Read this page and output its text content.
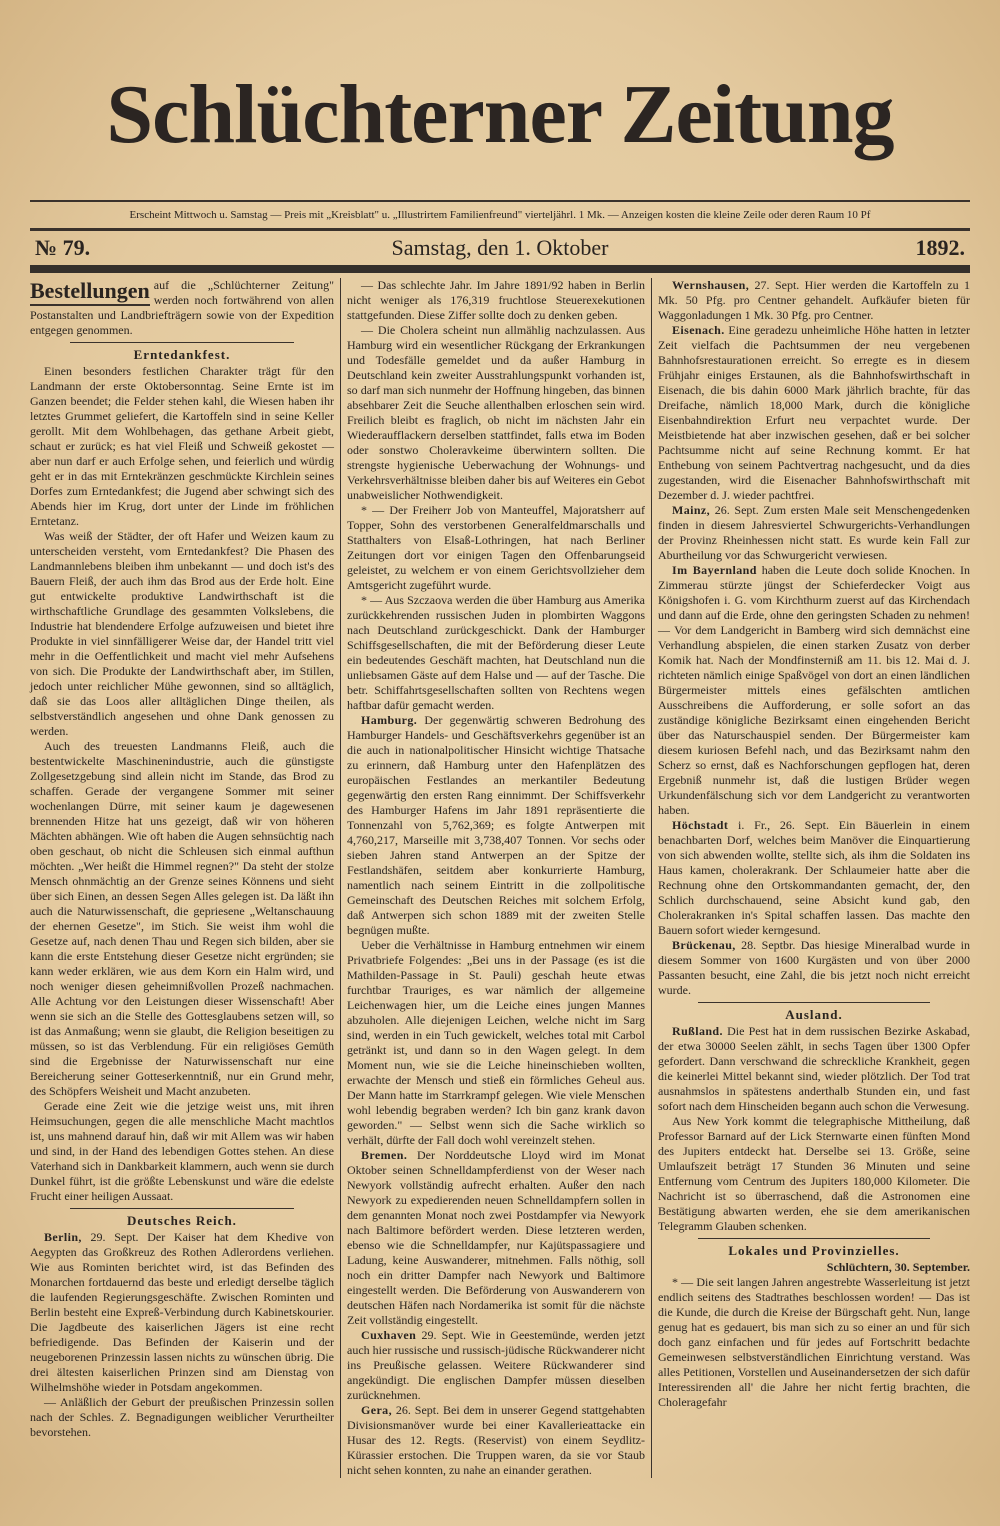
Schlüchterner Zeitung
Erscheint Mittwoch u. Samstag — Preis mit „Kreisblatt" u. „Illustrirtem Familienfreund" vierteljährl. 1 Mk. — Anzeigen kosten die kleine Zeile oder deren Raum 10 Pf
№ 79.	Samstag, den 1. Oktober	1892.

Bestellungen auf die „Schlüchterner Zeitung" werden noch fortwährend von allen Postanstalten und Landbriefträgern sowie von der Expedition entgegen genommen.

Erntedankfest.

Einen besonders festlichen Charakter trägt für den Landmann der erste Oktobersonntag. Seine Ernte ist im Ganzen beendet; die Felder stehen kahl, die Wiesen haben ihr letztes Grummet geliefert, die Kartoffeln sind in seine Keller gerollt. Mit dem Wohlbehagen, das gethane Arbeit giebt, schaut er zurück; es hat viel Fleiß und Schweiß gekostet — aber nun darf er auch Erfolge sehen, und feierlich und würdig geht er in das mit Erntekränzen geschmückte Kirchlein seines Dorfes zum Erntedankfest; die Jugend aber schwingt sich des Abends hier im Krug, dort unter der Linde im fröhlichen Erntetanz.

Was weiß der Städter, der oft Hafer und Weizen kaum zu unterscheiden versteht, vom Erntedankfest? Die Phasen des Landmannlebens bleiben ihm unbekannt — und doch ist's des Bauern Fleiß, der auch ihm das Brod aus der Erde holt. Eine gut entwickelte produktive Landwirthschaft ist die wirthschaftliche Grundlage des gesammten Volkslebens, die Industrie hat blendendere Erfolge aufzuweisen und bietet ihre Produkte in viel sinnfälligerer Weise dar, der Handel tritt viel mehr in die Oeffentlichkeit und macht viel mehr Aufsehens von sich. Die Produkte der Landwirthschaft aber, im Stillen, jedoch unter reichlicher Mühe gewonnen, sind so alltäglich, daß sie das Loos aller alltäglichen Dinge theilen, als selbstverständlich angesehen und ohne Dank genossen zu werden.

Auch des treuesten Landmanns Fleiß, auch die bestentwickelte Maschinenindustrie, auch die günstigste Zollgesetzgebung sind allein nicht im Stande, das Brod zu schaffen. Gerade der vergangene Sommer mit seiner wochenlangen Dürre, mit seiner kaum je dagewesenen brennenden Hitze hat uns gezeigt, daß wir von höheren Mächten abhängen. Wie oft haben die Augen sehnsüchtig nach oben geschaut, ob nicht die Schleusen sich einmal aufthun möchten. „Wer heißt die Himmel regnen?" Da steht der stolze Mensch ohnmächtig an der Grenze seines Könnens und sieht über sich Einen, an dessen Segen Alles gelegen ist. Da läßt ihn auch die Naturwissenschaft, die gepriesene „Weltanschauung der ehernen Gesetze", im Stich. Sie weist ihm wohl die Gesetze auf, nach denen Thau und Regen sich bilden, aber sie kann die erste Entstehung dieser Gesetze nicht ergründen; sie kann weder erklären, wie aus dem Korn ein Halm wird, und noch weniger diesen geheimnißvollen Prozeß nachmachen. Alle Achtung vor den Leistungen dieser Wissenschaft! Aber wenn sie sich an die Stelle des Gottesglaubens setzen will, so ist das Anmaßung; wenn sie glaubt, die Religion beseitigen zu müssen, so ist das Verblendung. Für ein religiöses Gemüth sind die Ergebnisse der Naturwissenschaft nur eine Bereicherung seiner Gotteserkenntniß, nur ein Grund mehr, des Schöpfers Weisheit und Macht anzubeten.

Gerade eine Zeit wie die jetzige weist uns, mit ihren Heimsuchungen, gegen die alle menschliche Macht machtlos ist, uns mahnend darauf hin, daß wir mit Allem was wir haben und sind, in der Hand des lebendigen Gottes stehen. An diese Vaterhand sich in Dankbarkeit klammern, auch wenn sie durch Dunkel führt, ist die größte Lebenskunst und wäre die edelste Frucht einer heiligen Aussaat.

Deutsches Reich.

Berlin, 29. Sept. Der Kaiser hat dem Khedive von Aegypten das Großkreuz des Rothen Adlerordens verliehen. Wie aus Rominten berichtet wird, ist das Befinden des Monarchen fortdauernd das beste und erledigt derselbe täglich die laufenden Regierungsgeschäfte. Zwischen Rominten und Berlin besteht eine Expreß-Verbindung durch Kabinetskourier. Die Jagdbeute des kaiserlichen Jägers ist eine recht befriedigende. Das Befinden der Kaiserin und der neugeborenen Prinzessin lassen nichts zu wünschen übrig. Die drei ältesten kaiserlichen Prinzen sind am Dienstag von Wilhelmshöhe wieder in Potsdam angekommen.

— Anläßlich der Geburt der preußischen Prinzessin sollen nach der Schles. Z. Begnadigungen weiblicher Verurtheilter bevorstehen.

— Das schlechte Jahr. Im Jahre 1891/92 haben in Berlin nicht weniger als 176,319 fruchtlose Steuerexekutionen stattgefunden. Diese Ziffer sollte doch zu denken geben.

— Die Cholera scheint nun allmählig nachzulassen. Aus Hamburg wird ein wesentlicher Rückgang der Erkrankungen und Todesfälle gemeldet und da außer Hamburg in Deutschland kein zweiter Ausstrahlungspunkt vorhanden ist, so darf man sich nunmehr der Hoffnung hingeben, das binnen absehbarer Zeit die Seuche allenthalben erloschen sein wird. Freilich bleibt es fraglich, ob nicht im nächsten Jahr ein Wiederaufflackern derselben stattfindet, falls etwa im Boden oder sonstwo Choleravkeime überwintern sollten. Die strengste hygienische Ueberwachung der Wohnungs- und Verkehrsverhältnisse bleiben daher bis auf Weiteres ein Gebot unabweislicher Nothwendigkeit.

* — Der Freiherr Job von Manteuffel, Majoratsherr auf Topper, Sohn des verstorbenen Generalfeldmarschalls und Statthalters von Elsaß-Lothringen, hat nach Berliner Zeitungen dort vor einigen Tagen den Offenbarungseid geleistet, zu welchem er von einem Gerichtsvollzieher dem Amtsgericht zugeführt wurde.

* — Aus Szczaova werden die über Hamburg aus Amerika zurückkehrenden russischen Juden in plombirten Waggons nach Deutschland zurückgeschickt. Dank der Hamburger Schiffsgesellschaften, die mit der Beförderung dieser Leute ein bedeutendes Geschäft machten, hat Deutschland nun die unliebsamen Gäste auf dem Halse und — auf der Tasche. Die betr. Schiffahrtsgesellschaften sollten von Rechtens wegen haftbar dafür gemacht werden.

Hamburg. Der gegenwärtig schweren Bedrohung des Hamburger Handels- und Geschäftsverkehrs gegenüber ist an die auch in nationalpolitischer Hinsicht wichtige Thatsache zu erinnern, daß Hamburg unter den Hafenplätzen des europäischen Festlandes an merkantiler Bedeutung gegenwärtig den ersten Rang einnimmt. Der Schiffsverkehr des Hamburger Hafens im Jahr 1891 repräsentierte die Tonnenzahl von 5,762,369; es folgte Antwerpen mit 4,760,217, Marseille mit 3,738,407 Tonnen. Vor sechs oder sieben Jahren stand Antwerpen an der Spitze der Festlandshäfen, seitdem aber konkurrierte Hamburg, namentlich nach seinem Eintritt in die zollpolitische Gemeinschaft des Deutschen Reiches mit solchem Erfolg, daß Antwerpen sich schon 1889 mit der zweiten Stelle begnügen mußte.

Ueber die Verhältnisse in Hamburg entnehmen wir einem Privatbriefe Folgendes: „Bei uns in der Passage (es ist die Mathilden-Passage in St. Pauli) geschah heute etwas furchtbar Trauriges, es war nämlich der allgemeine Leichenwagen hier, um die Leiche eines jungen Mannes abzuholen. Alle diejenigen Leichen, welche nicht im Sarg sind, werden in ein Tuch gewickelt, welches total mit Carbol getränkt ist, und dann so in den Wagen gelegt. In dem Moment nun, wie sie die Leiche hineinschieben wollten, erwachte der Mensch und stieß ein förmliches Geheul aus. Der Mann hatte im Starrkrampf gelegen. Wie viele Menschen wohl lebendig begraben werden? Ich bin ganz krank davon geworden." — Selbst wenn sich die Sache wirklich so verhält, dürfte der Fall doch wohl vereinzelt stehen.

Bremen. Der Norddeutsche Lloyd wird im Monat Oktober seinen Schnelldampferdienst von der Weser nach Newyork vollständig aufrecht erhalten. Außer den nach Newyork zu expedierenden neuen Schnelldampfern sollen in dem genannten Monat noch zwei Postdampfer via Newyork nach Baltimore befördert werden. Diese letzteren werden, ebenso wie die Schnelldampfer, nur Kajütspassagiere und Ladung, keine Auswanderer, mitnehmen. Falls nöthig, soll noch ein dritter Dampfer nach Newyork und Baltimore eingestellt werden. Die Beförderung von Auswanderern von deutschen Häfen nach Nordamerika ist somit für die nächste Zeit vollständig eingestellt.

Cuxhaven 29. Sept. Wie in Geestemünde, werden jetzt auch hier russische und russisch-jüdische Rückwanderer nicht ins Preußische gelassen. Weitere Rückwanderer sind angekündigt. Die englischen Dampfer müssen dieselben zurücknehmen.

Gera, 26. Sept. Bei dem in unserer Gegend stattgehabten Divisionsmanöver wurde bei einer Kavallerieattacke ein Husar des 12. Regts. (Reservist) von einem Seydlitz-Kürassier erstochen. Die Truppen waren, da sie vor Staub nicht sehen konnten, zu nahe an einander gerathen.

Wernshausen, 27. Sept. Hier werden die Kartoffeln zu 1 Mk. 50 Pfg. pro Centner gehandelt. Aufkäufer bieten für Waggonladungen 1 Mk. 30 Pfg. pro Centner.

Eisenach. Eine geradezu unheimliche Höhe hatten in letzter Zeit vielfach die Pachtsummen der neu vergebenen Bahnhofsrestaurationen erreicht. So erregte es in diesem Frühjahr einiges Erstaunen, als die Bahnhofswirthschaft in Eisenach, die bis dahin 6000 Mark jährlich brachte, für das Dreifache, nämlich 18,000 Mark, durch die königliche Eisenbahndirektion Erfurt neu verpachtet wurde. Der Meistbietende hat aber inzwischen gesehen, daß er bei solcher Pachtsumme nicht auf seine Rechnung kommt. Er hat Enthebung von seinem Pachtvertrag nachgesucht, und da dies zugestanden, wird die Eisenacher Bahnhofswirthschaft mit Dezember d. J. wieder pachtfrei.

Mainz, 26. Sept. Zum ersten Male seit Menschengedenken finden in diesem Jahresviertel Schwurgerichts-Verhandlungen der Provinz Rheinhessen nicht statt. Es wurde kein Fall zur Aburtheilung vor das Schwurgericht verwiesen.

Im Bayernland haben die Leute doch solide Knochen. In Zimmerau stürzte jüngst der Schieferdecker Voigt aus Königshofen i. G. vom Kirchthurm zuerst auf das Kirchendach und dann auf die Erde, ohne den geringsten Schaden zu nehmen! — Vor dem Landgericht in Bamberg wird sich demnächst eine Verhandlung abspielen, die einen starken Zusatz von derber Komik hat. Nach der Mondfinsterniß am 11. bis 12. Mai d. J. richteten nämlich einige Spaßvögel von dort an einen ländlichen Bürgermeister mittels eines gefälschten amtlichen Ausschreibens die Aufforderung, er solle sofort an das zuständige königliche Bezirksamt einen eingehenden Bericht über das Naturschauspiel senden. Der Bürgermeister kam diesem kuriosen Befehl nach, und das Bezirksamt nahm den Scherz so ernst, daß es Nachforschungen gepflogen hat, deren Ergebniß nunmehr ist, daß die lustigen Brüder wegen Urkundenfälschung sich vor dem Landgericht zu verantworten haben.

Höchstadt i. Fr., 26. Sept. Ein Bäuerlein in einem benachbarten Dorf, welches beim Manöver die Einquartierung von sich abwenden wollte, stellte sich, als ihm die Soldaten ins Haus kamen, cholerakrank. Der Schlaumeier hatte aber die Rechnung ohne den Ortskommandanten gemacht, der, den Schlich durchschauend, seine Absicht kund gab, den Cholerakranken in's Spital schaffen lassen. Das machte den Bauern sofort wieder kerngesund.

Brückenau, 28. Septbr. Das hiesige Mineralbad wurde in diesem Sommer von 1600 Kurgästen und von über 2000 Passanten besucht, eine Zahl, die bis jetzt noch nicht erreicht wurde.

Ausland.

Rußland. Die Pest hat in dem russischen Bezirke Askabad, der etwa 30000 Seelen zählt, in sechs Tagen über 1300 Opfer gefordert. Dann verschwand die schreckliche Krankheit, gegen die keinerlei Mittel bekannt sind, wieder plötzlich. Der Tod trat ausnahmslos in spätestens anderthalb Stunden ein, und fast sofort nach dem Hinscheiden begann auch schon die Verwesung.

Aus New York kommt die telegraphische Mittheilung, daß Professor Barnard auf der Lick Sternwarte einen fünften Mond des Jupiters entdeckt hat. Derselbe sei 13. Größe, seine Umlaufszeit beträgt 17 Stunden 36 Minuten und seine Entfernung vom Centrum des Jupiters 180,000 Kilometer. Die Nachricht ist so überraschend, daß die Astronomen eine Bestätigung abwarten werden, ehe sie dem amerikanischen Telegramm Glauben schenken.

Lokales und Provinzielles.

Schlüchtern, 30. September.

* — Die seit langen Jahren angestrebte Wasserleitung ist jetzt endlich seitens des Stadtrathes beschlossen worden! — Das ist die Kunde, die durch die Kreise der Bürgschaft geht. Nun, lange genug hat es gedauert, bis man sich zu so einer an und für sich doch ganz einfachen und für jedes auf Fortschritt bedachte Gemeinwesen selbstverständlichen Einrichtung verstand. Was alles Petitionen, Vorstellen und Auseinandersetzen der sich dafür Interessirenden all' die Jahre her nicht fertig brachten, die Choleragefahr
